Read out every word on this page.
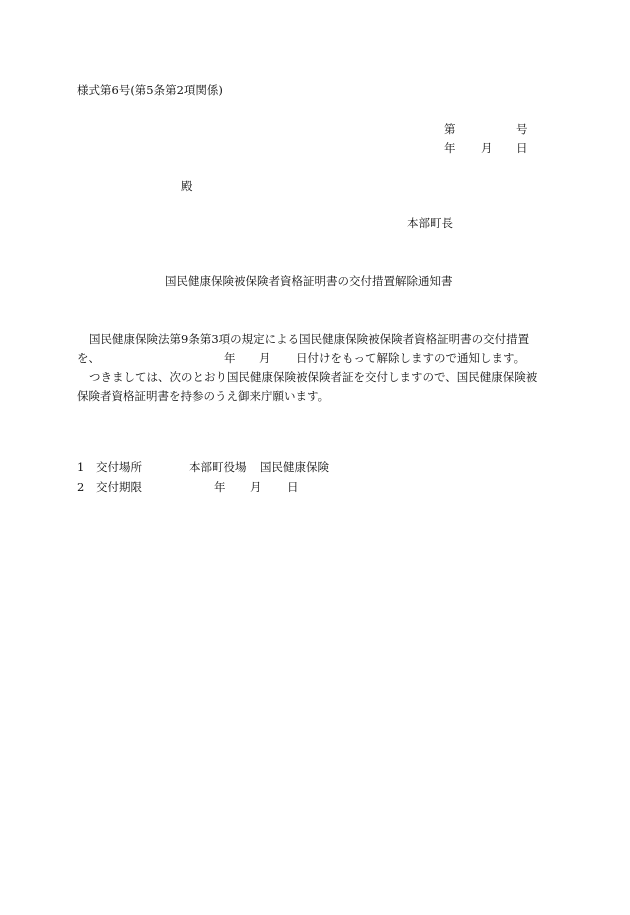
様式第6号(第5条第2項関係)
第	号
年 月 日
殿
本部町長
国民健康保険被保険者資格証明書の交付措置解除通知書
国民健康保険法第9条第3項の規定による国民健康保険被保険者資格証明書の交付措置
を、	年 月 日付けをもって解除しますので通知します。
つきましては、次のとおり国民健康保険被保険者証を交付しますので、国民健康保険被
保険者資格証明書を持参のうえ御来庁願います。
1 交付場所	本部町役場 国民健康保険
2 交付期限	年 月 日
